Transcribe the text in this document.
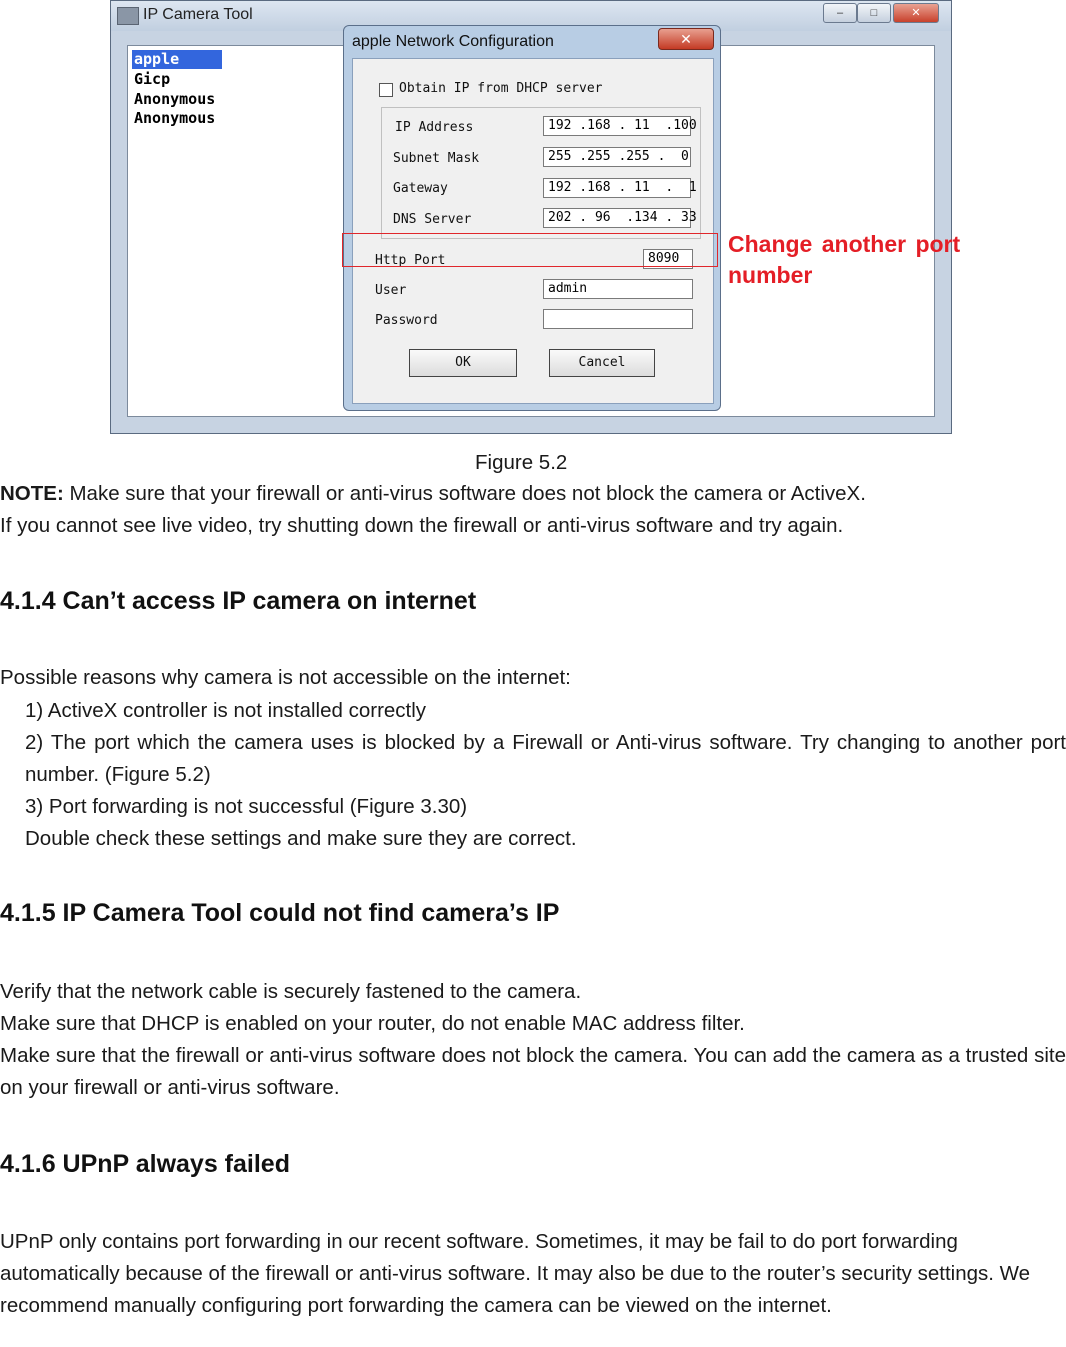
IP Camera Tool	–	□	✕
apple
Gicp
Anonymous
Anonymous
apple Network Configuration	✕
Obtain IP from DHCP server
IP Address	192 .168 . 11  .100
Subnet Mask	255 .255 .255 .  0
Gateway	192 .168 . 11  .  1
DNS Server	202 . 96  .134 . 33
Http Port	8090
User	admin
Password
OK	Cancel
Change another port number
Figure 5.2
NOTE: Make sure that your firewall or anti-virus software does not block the camera or ActiveX.
If you cannot see live video, try shutting down the firewall or anti-virus software and try again.
4.1.4 Can’t access IP camera on internet
Possible reasons why camera is not accessible on the internet:
1) ActiveX controller is not installed correctly
2) The port which the camera uses is blocked by a Firewall or Anti-virus software. Try changing to another port number. (Figure 5.2)
3) Port forwarding is not successful (Figure 3.30)
Double check these settings and make sure they are correct.
4.1.5 IP Camera Tool could not find camera’s IP
Verify that the network cable is securely fastened to the camera.
Make sure that DHCP is enabled on your router, do not enable MAC address filter.
Make sure that the firewall or anti-virus software does not block the camera. You can add the camera as a trusted site on your firewall or anti-virus software.
4.1.6 UPnP always failed
UPnP only contains port forwarding in our recent software. Sometimes, it may be fail to do port forwarding automatically because of the firewall or anti-virus software. It may also be due to the router’s security settings. We recommend manually configuring port forwarding the camera can be viewed on the internet.
